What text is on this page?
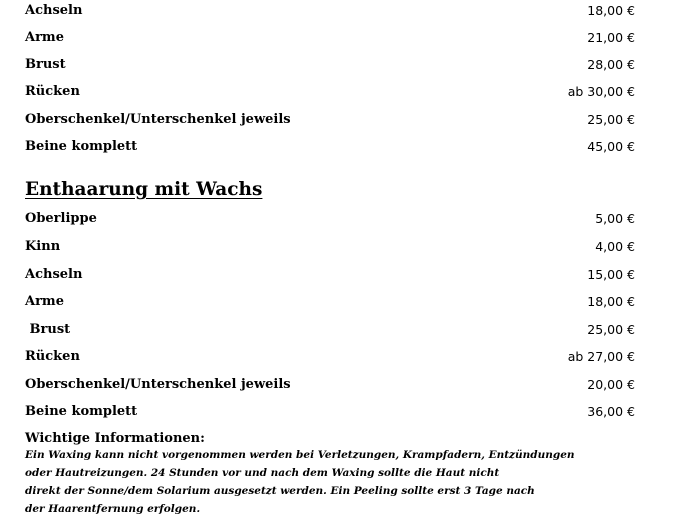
Achseln	18,00 €
Arme	21,00 €
Brust	28,00 €
Rücken	ab 30,00 €
Oberschenkel/Unterschenkel jeweils	25,00 €
Beine komplett	45,00 €
Enthaarung mit Wachs
Oberlippe	5,00 €
Kinn	4,00 €
Achseln	15,00 €
Arme	18,00 €
Brust	25,00 €
Rücken	ab 27,00 €
Oberschenkel/Unterschenkel jeweils	20,00 €
Beine komplett	36,00 €
Wichtige Informationen:
Ein Waxing kann nicht vorgenommen werden bei Verletzungen, Krampfadern, Entzündungen
oder Hautreizungen. 24 Stunden vor und nach dem Waxing sollte die Haut nicht
direkt der Sonne/dem Solarium ausgesetzt werden. Ein Peeling sollte erst 3 Tage nach
der Haarentfernung erfolgen.
